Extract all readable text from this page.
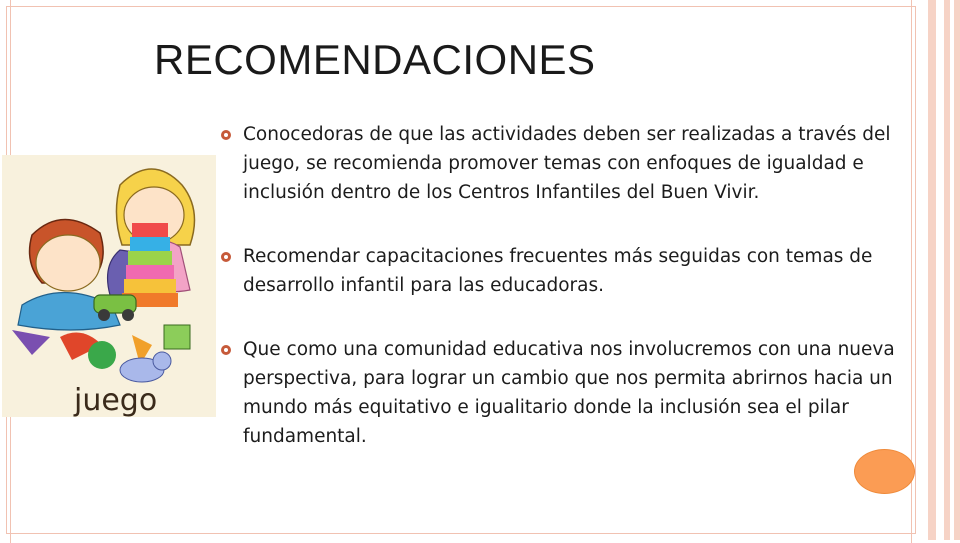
RECOMENDACIONES
juego
Conocedoras de que las actividades deben ser realizadas a través del juego, se recomienda promover temas con enfoques de igualdad e inclusión dentro de los Centros Infantiles del Buen Vivir.
Recomendar capacitaciones frecuentes más seguidas con temas de desarrollo infantil para las educadoras.
Que como una comunidad educativa nos involucremos con una nueva perspectiva, para lograr un cambio que nos permita abrirnos hacia un mundo más equitativo e igualitario donde la inclusión sea el pilar fundamental.
